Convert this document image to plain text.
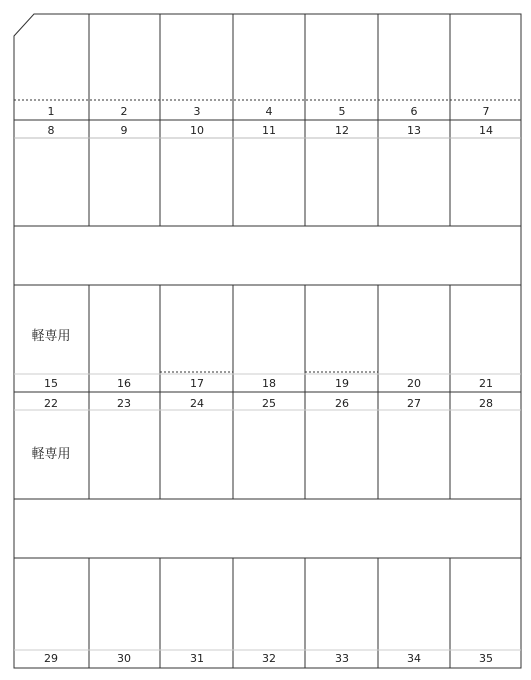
1	2	3	4	5	6	7
8	9	10	11	12	13	14
15	16	17	18	19	20	21
22	23	24	25	26	27	28
29	30	31	32	33	34	35
軽専用
軽専用
